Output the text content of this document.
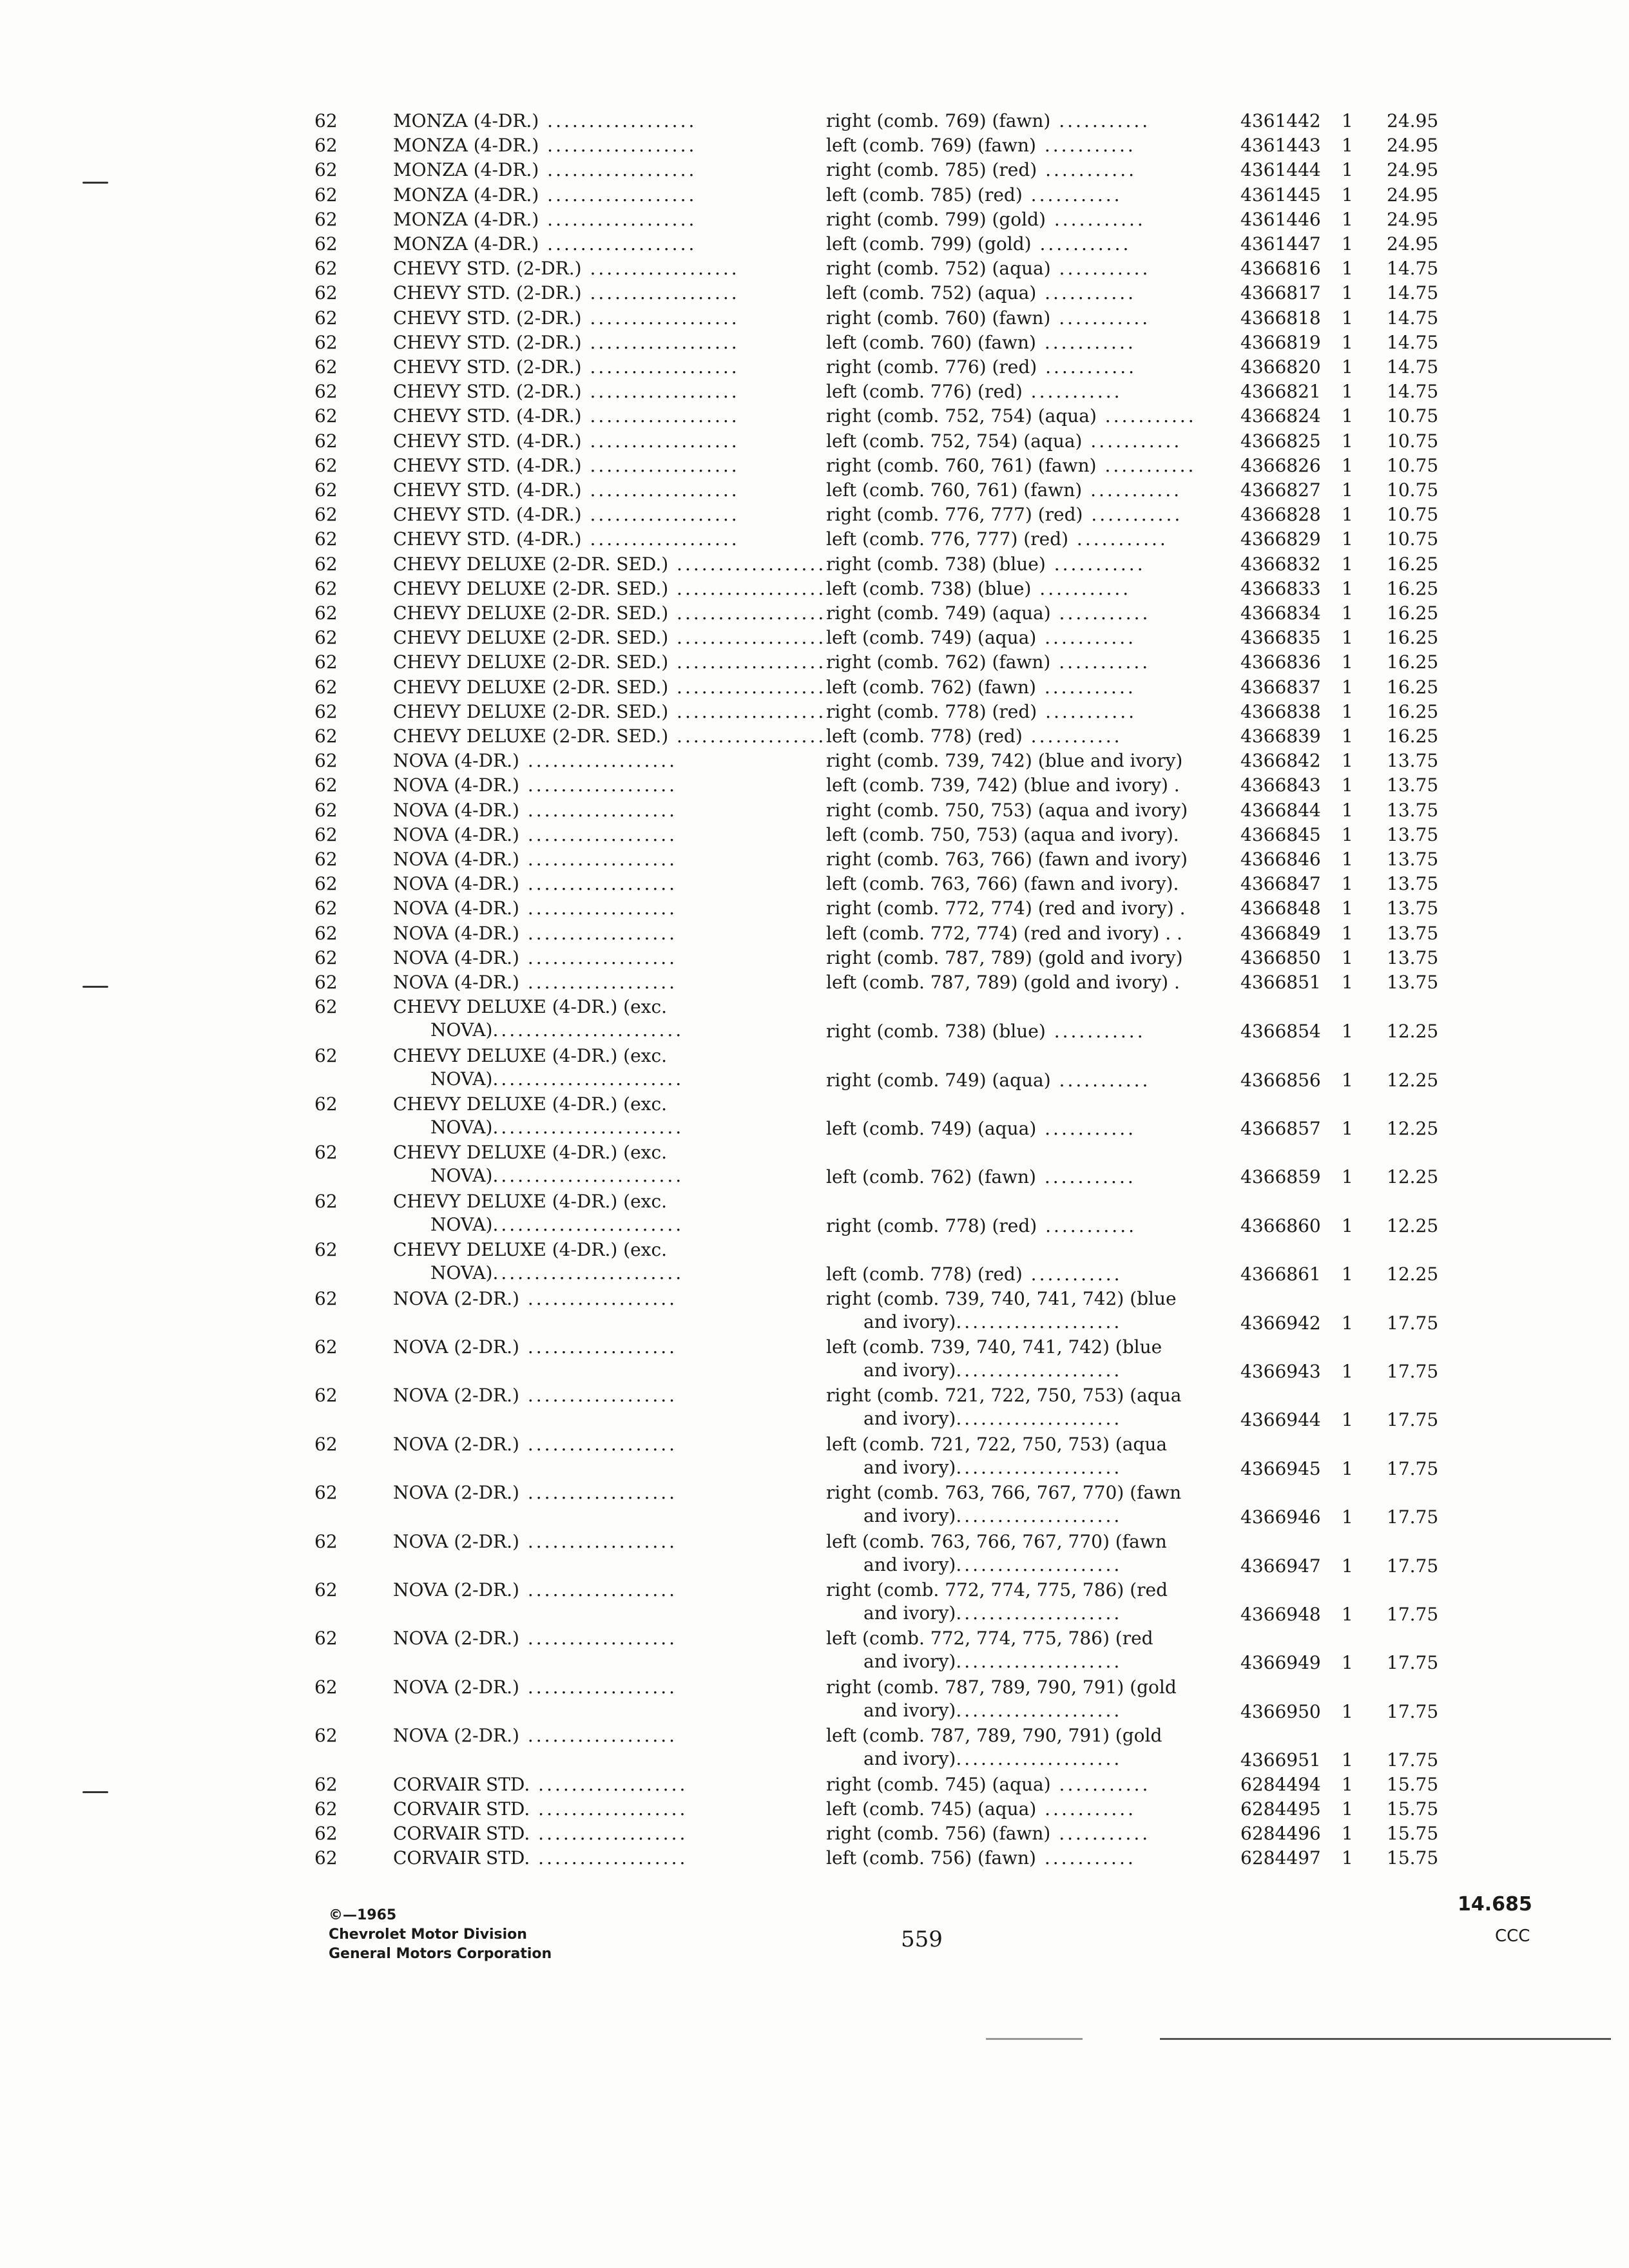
62	MONZA (4-DR.) ..................	right (comb. 769) (fawn) ...........	4361442 1 24.95
62	MONZA (4-DR.) ..................	left (comb. 769) (fawn) ...........	4361443 1 24.95
62	MONZA (4-DR.) ..................	right (comb. 785) (red) ...........	4361444 1 24.95
62	MONZA (4-DR.) ..................	left (comb. 785) (red) ...........	4361445 1 24.95
62	MONZA (4-DR.) ..................	right (comb. 799) (gold) ...........	4361446 1 24.95
62	MONZA (4-DR.) ..................	left (comb. 799) (gold) ...........	4361447 1 24.95
62	CHEVY STD. (2-DR.) ..................	right (comb. 752) (aqua) ...........	4366816 1 14.75
62	CHEVY STD. (2-DR.) ..................	left (comb. 752) (aqua) ...........	4366817 1 14.75
62	CHEVY STD. (2-DR.) ..................	right (comb. 760) (fawn) ...........	4366818 1 14.75
62	CHEVY STD. (2-DR.) ..................	left (comb. 760) (fawn) ...........	4366819 1 14.75
62	CHEVY STD. (2-DR.) ..................	right (comb. 776) (red) ...........	4366820 1 14.75
62	CHEVY STD. (2-DR.) ..................	left (comb. 776) (red) ...........	4366821 1 14.75
62	CHEVY STD. (4-DR.) ..................	right (comb. 752, 754) (aqua) ...........	4366824 1 10.75
62	CHEVY STD. (4-DR.) ..................	left (comb. 752, 754) (aqua) ...........	4366825 1 10.75
62	CHEVY STD. (4-DR.) ..................	right (comb. 760, 761) (fawn) ...........	4366826 1 10.75
62	CHEVY STD. (4-DR.) ..................	left (comb. 760, 761) (fawn) ...........	4366827 1 10.75
62	CHEVY STD. (4-DR.) ..................	right (comb. 776, 777) (red) ...........	4366828 1 10.75
62	CHEVY STD. (4-DR.) ..................	left (comb. 776, 777) (red) ...........	4366829 1 10.75
62	CHEVY DELUXE (2-DR. SED.) .................. right (comb. 738) (blue) ...........	4366832 1 16.25
62	CHEVY DELUXE (2-DR. SED.) .................. left (comb. 738) (blue) ...........	4366833 1 16.25
62	CHEVY DELUXE (2-DR. SED.) .................. right (comb. 749) (aqua) ...........	4366834 1 16.25
62	CHEVY DELUXE (2-DR. SED.) .................. left (comb. 749) (aqua) ...........	4366835 1 16.25
62	CHEVY DELUXE (2-DR. SED.) .................. right (comb. 762) (fawn) ...........	4366836 1 16.25
62	CHEVY DELUXE (2-DR. SED.) .................. left (comb. 762) (fawn) ...........	4366837 1 16.25
62	CHEVY DELUXE (2-DR. SED.) .................. right (comb. 778) (red) ...........	4366838 1 16.25
62	CHEVY DELUXE (2-DR. SED.) .................. left (comb. 778) (red) ...........	4366839 1 16.25
62	NOVA (4-DR.) ..................	right (comb. 739, 742) (blue and ivory)	4366842 1 13.75
62	NOVA (4-DR.) ..................	left (comb. 739, 742) (blue and ivory) .	4366843 1 13.75
62	NOVA (4-DR.) ..................	right (comb. 750, 753) (aqua and ivory)	4366844 1 13.75
62	NOVA (4-DR.) ..................	left (comb. 750, 753) (aqua and ivory).	4366845 1 13.75
62	NOVA (4-DR.) ..................	right (comb. 763, 766) (fawn and ivory)	4366846 1 13.75
62	NOVA (4-DR.) ..................	left (comb. 763, 766) (fawn and ivory).	4366847 1 13.75
62	NOVA (4-DR.) ..................	right (comb. 772, 774) (red and ivory) .	4366848 1 13.75
62	NOVA (4-DR.) ..................	left (comb. 772, 774) (red and ivory) . .	4366849 1 13.75
62	NOVA (4-DR.) ..................	right (comb. 787, 789) (gold and ivory)	4366850 1 13.75
62	NOVA (4-DR.) ..................	left (comb. 787, 789) (gold and ivory) .	4366851 1 13.75
62	CHEVY DELUXE (4-DR.) (exc.
NOVA).......................	right (comb. 738) (blue) ...........	4366854 1 12.25
62	CHEVY DELUXE (4-DR.) (exc.
NOVA).......................	right (comb. 749) (aqua) ...........	4366856 1 12.25
62	CHEVY DELUXE (4-DR.) (exc.
NOVA).......................	left (comb. 749) (aqua) ...........	4366857 1 12.25
62	CHEVY DELUXE (4-DR.) (exc.
NOVA).......................	left (comb. 762) (fawn) ...........	4366859 1 12.25
62	CHEVY DELUXE (4-DR.) (exc.
NOVA).......................	right (comb. 778) (red) ...........	4366860 1 12.25
62	CHEVY DELUXE (4-DR.) (exc.
NOVA).......................	left (comb. 778) (red) ...........	4366861 1 12.25
62	NOVA (2-DR.) ..................	right (comb. 739, 740, 741, 742) (blue
and ivory)....................	4366942 1 17.75
62	NOVA (2-DR.) ..................	left (comb. 739, 740, 741, 742) (blue
and ivory)....................	4366943 1 17.75
62	NOVA (2-DR.) ..................	right (comb. 721, 722, 750, 753) (aqua
and ivory)....................	4366944 1 17.75
62	NOVA (2-DR.) ..................	left (comb. 721, 722, 750, 753) (aqua
and ivory)....................	4366945 1 17.75
62	NOVA (2-DR.) ..................	right (comb. 763, 766, 767, 770) (fawn
and ivory)....................	4366946 1 17.75
62	NOVA (2-DR.) ..................	left (comb. 763, 766, 767, 770) (fawn
and ivory)....................	4366947 1 17.75
62	NOVA (2-DR.) ..................	right (comb. 772, 774, 775, 786) (red
and ivory)....................	4366948 1 17.75
62	NOVA (2-DR.) ..................	left (comb. 772, 774, 775, 786) (red
and ivory)....................	4366949 1 17.75
62	NOVA (2-DR.) ..................	right (comb. 787, 789, 790, 791) (gold
and ivory)....................	4366950 1 17.75
62	NOVA (2-DR.) ..................	left (comb. 787, 789, 790, 791) (gold
and ivory)....................	4366951 1 17.75
62	CORVAIR STD. ..................	right (comb. 745) (aqua) ...........	6284494 1 15.75
62	CORVAIR STD. ..................	left (comb. 745) (aqua) ...........	6284495 1 15.75
62	CORVAIR STD. ..................	right (comb. 756) (fawn) ...........	6284496 1 15.75
62	CORVAIR STD. ..................	left (comb. 756) (fawn) ...........	6284497 1 15.75
©—1965
Chevrolet Motor Division
General Motors Corporation
559
14.685
CCC
